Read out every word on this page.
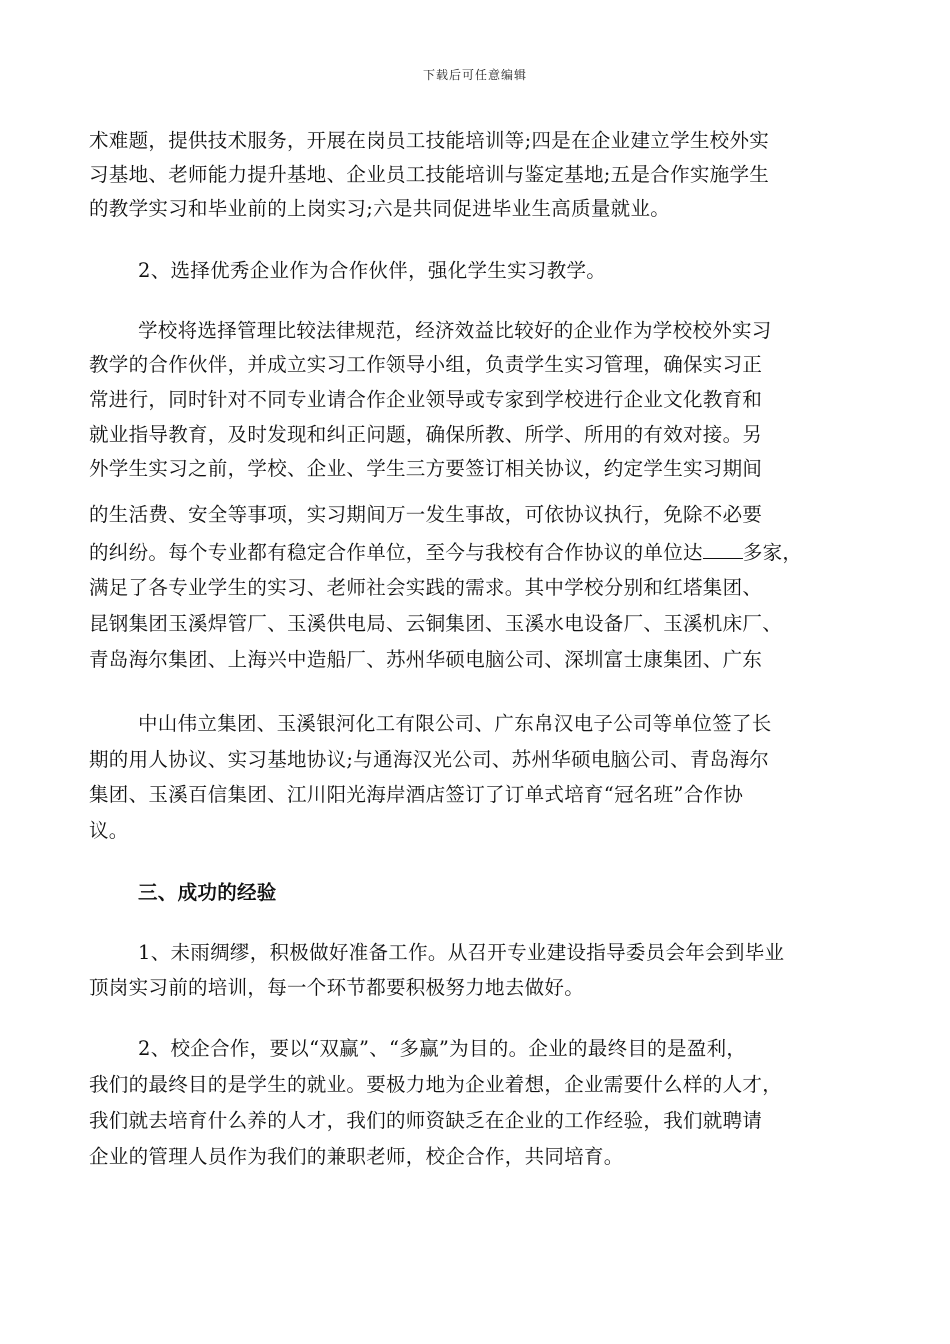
下载后可任意编辑
术难题，提供技术服务，开展在岗员工技能培训等;四是在企业建立学生校外实
习基地、老师能力提升基地、企业员工技能培训与鉴定基地;五是合作实施学生
的教学实习和毕业前的上岗实习;六是共同促进毕业生高质量就业。
2、选择优秀企业作为合作伙伴，强化学生实习教学。
学校将选择管理比较法律规范，经济效益比较好的企业作为学校校外实习
教学的合作伙伴，并成立实习工作领导小组，负责学生实习管理，确保实习正
常进行，同时针对不同专业请合作企业领导或专家到学校进行企业文化教育和
就业指导教育，及时发现和纠正问题，确保所教、所学、所用的有效对接。另
外学生实习之前，学校、企业、学生三方要签订相关协议，约定学生实习期间
的生活费、安全等事项，实习期间万一发生事故，可依协议执行，免除不必要
的纠纷。每个专业都有稳定合作单位，至今与我校有合作协议的单位达 多家，
满足了各专业学生的实习、老师社会实践的需求。其中学校分别和红塔集团、
昆钢集团玉溪焊管厂、玉溪供电局、云铜集团、玉溪水电设备厂、玉溪机床厂、
青岛海尔集团、上海兴中造船厂、苏州华硕电脑公司、深圳富士康集团、广东
中山伟立集团、玉溪银河化工有限公司、广东帛汉电子公司等单位签了长
期的用人协议、实习基地协议;与通海汉光公司、苏州华硕电脑公司、青岛海尔
集团、玉溪百信集团、江川阳光海岸酒店签订了订单式培育“冠名班”合作协
议。
三、成功的经验
1、未雨绸缪，积极做好准备工作。从召开专业建设指导委员会年会到毕业
顶岗实习前的培训，每一个环节都要积极努力地去做好。
2、校企合作，要以“双赢”、“多赢”为目的。企业的最终目的是盈利，
我们的最终目的是学生的就业。要极力地为企业着想，企业需要什么样的人才，
我们就去培育什么养的人才，我们的师资缺乏在企业的工作经验，我们就聘请
企业的管理人员作为我们的兼职老师，校企合作，共同培育。
